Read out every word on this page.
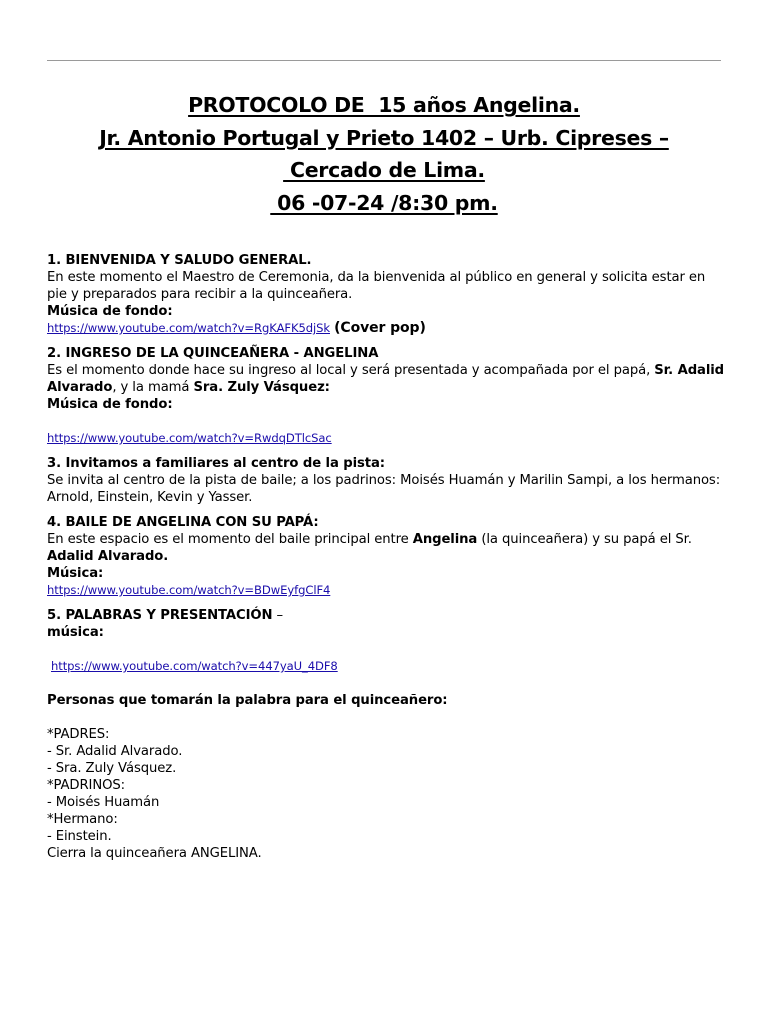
PROTOCOLO DE  15 años Angelina.
Jr. Antonio Portugal y Prieto 1402 – Urb. Cipreses –
Cercado de Lima.
06 -07-24 /8:30 pm.

1. BIENVENIDA Y SALUDO GENERAL.

En este momento el Maestro de Ceremonia, da la bienvenida al público en general y solicita estar en pie y preparados para recibir a la quinceañera.

Música de fondo:

https://www.youtube.com/watch?v=RgKAFK5djSk (Cover pop)

2. INGRESO DE LA QUINCEAÑERA - ANGELINA

Es el momento donde hace su ingreso al local y será presentada y acompañada por el papá, Sr. Adalid Alvarado, y la mamá Sra. Zuly Vásquez:

Música de fondo:

https://www.youtube.com/watch?v=RwdqDTlcSac

3. Invitamos a familiares al centro de la pista:

Se invita al centro de la pista de baile; a los padrinos: Moisés Huamán y Marilin Sampi, a los hermanos: Arnold, Einstein, Kevin y Yasser.

4. BAILE DE ANGELINA CON SU PAPÁ:

En este espacio es el momento del baile principal entre Angelina (la quinceañera) y su papá el Sr. Adalid Alvarado.

Música:

https://www.youtube.com/watch?v=BDwEyfgClF4

5. PALABRAS Y PRESENTACIÓN –

música:

https://www.youtube.com/watch?v=447yaU_4DF8

Personas que tomarán la palabra para el quinceañero:

*PADRES:

- Sr. Adalid Alvarado.

- Sra. Zuly Vásquez.

*PADRINOS:

- Moisés Huamán

*Hermano:

- Einstein.

Cierra la quinceañera ANGELINA.
